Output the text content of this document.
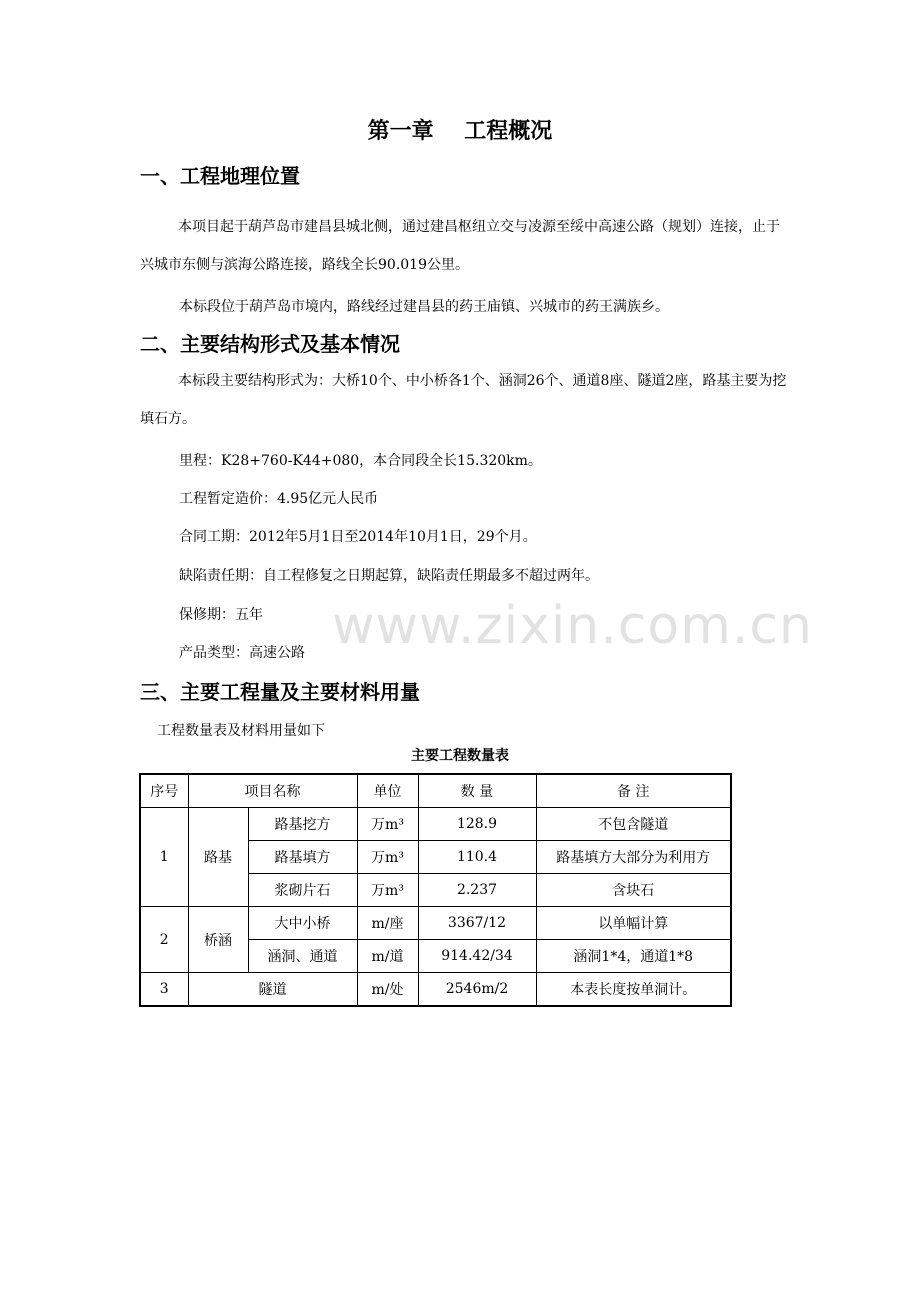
www.zixin.com.cn
第一章    工程概况
一、工程地理位置
本项目起于葫芦岛市建昌县城北侧，通过建昌枢纽立交与凌源至绥中高速公路（规划）连接，止于兴城市东侧与滨海公路连接，路线全长90.019公里。
本标段位于葫芦岛市境内，路线经过建昌县的药王庙镇、兴城市的药王满族乡。
二、主要结构形式及基本情况
本标段主要结构形式为：大桥10个、中小桥各1个、涵洞26个、通道8座、隧道2座，路基主要为挖填石方。
里程：K28+760-K44+080，本合同段全长15.320km。
工程暂定造价：4.95亿元人民币
合同工期：2012年5月1日至2014年10月1日，29个月。
缺陷责任期：自工程修复之日期起算，缺陷责任期最多不超过两年。
保修期：五年
产品类型：高速公路
三、主要工程量及主要材料用量
工程数量表及材料用量如下
主要工程数量表
序号	项目名称		单位	数 量	备 注
1	路基	路基挖方	万m³	128.9	不包含隧道
		路基填方	万m³	110.4	路基填方大部分为利用方
		浆砌片石	万m³	2.237	含块石
2	桥涵	大中小桥	m/座	3367/12	以单幅计算
		涵洞、通道	m/道	914.42/34	涵洞1*4，通道1*8
3	隧道		m/处	2546m/2	本表长度按单洞计。
